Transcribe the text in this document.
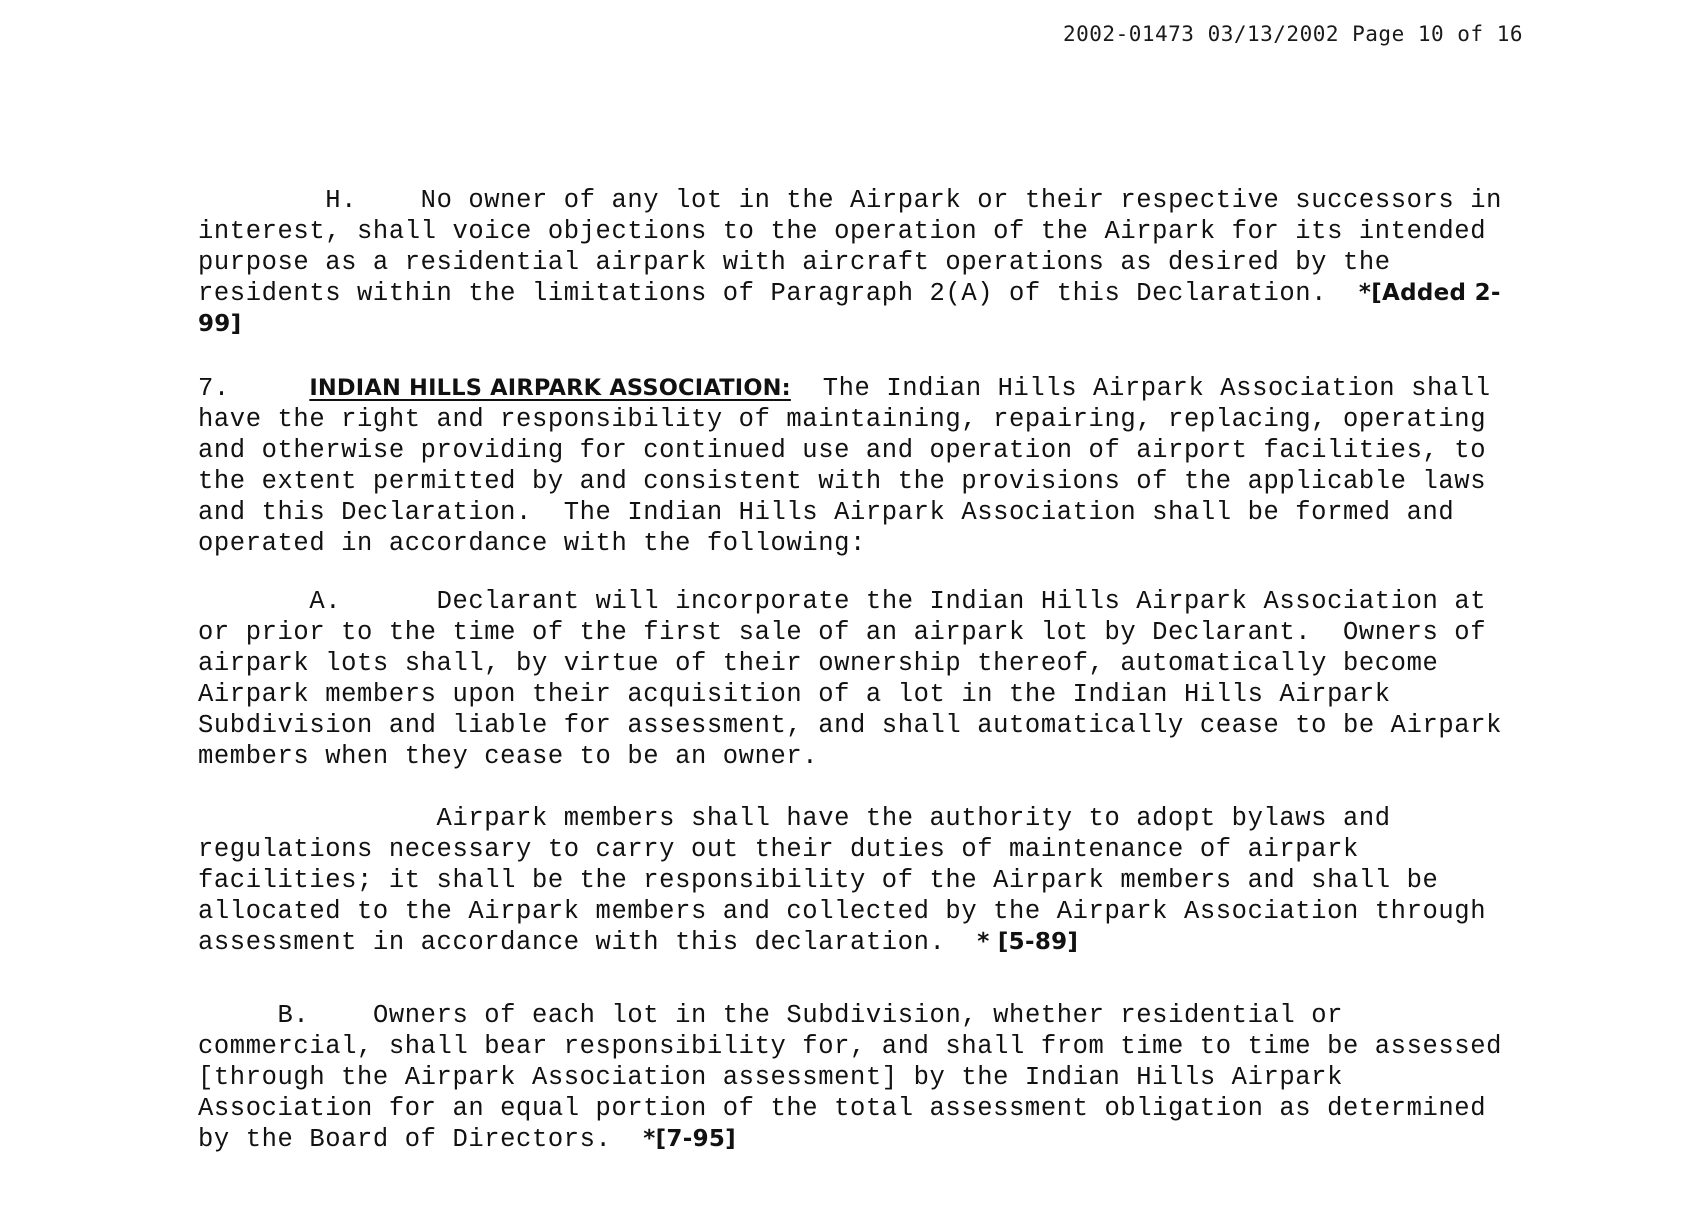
2002-01473 03/13/2002 Page 10 of 16

H. No owner of any lot in the Airpark or their respective successors in interest, shall voice objections to the operation of the Airpark for its intended purpose as a residential airpark with aircraft operations as desired by the residents within the limitations of Paragraph 2(A) of this Declaration. *[Added 2-99]

7.	INDIAN HILLS AIRPARK ASSOCIATION: The Indian Hills Airpark Association shall have the right and responsibility of maintaining, repairing, replacing, operating and otherwise providing for continued use and operation of airport facilities, to the extent permitted by and consistent with the provisions of the applicable laws and this Declaration.  The Indian Hills Airpark Association shall be formed and operated in accordance with the following:

A.	Declarant will incorporate the Indian Hills Airpark Association at or prior to the time of the first sale of an airpark lot by Declarant.  Owners of airpark lots shall, by virtue of their ownership thereof, automatically become Airpark members upon their acquisition of a lot in the Indian Hills Airpark Subdivision and liable for assessment, and shall automatically cease to be Airpark members when they cease to be an owner.

Airpark members shall have the authority to adopt bylaws and regulations necessary to carry out their duties of maintenance of airpark facilities; it shall be the responsibility of the Airpark members and shall be allocated to the Airpark members and collected by the Airpark Association through assessment in accordance with this declaration. * [5-89]

B. Owners of each lot in the Subdivision, whether residential or commercial, shall bear responsibility for, and shall from time to time be assessed [through the Airpark Association assessment] by the Indian Hills Airpark Association for an equal portion of the total assessment obligation as determined by the Board of Directors. *[7-95]
